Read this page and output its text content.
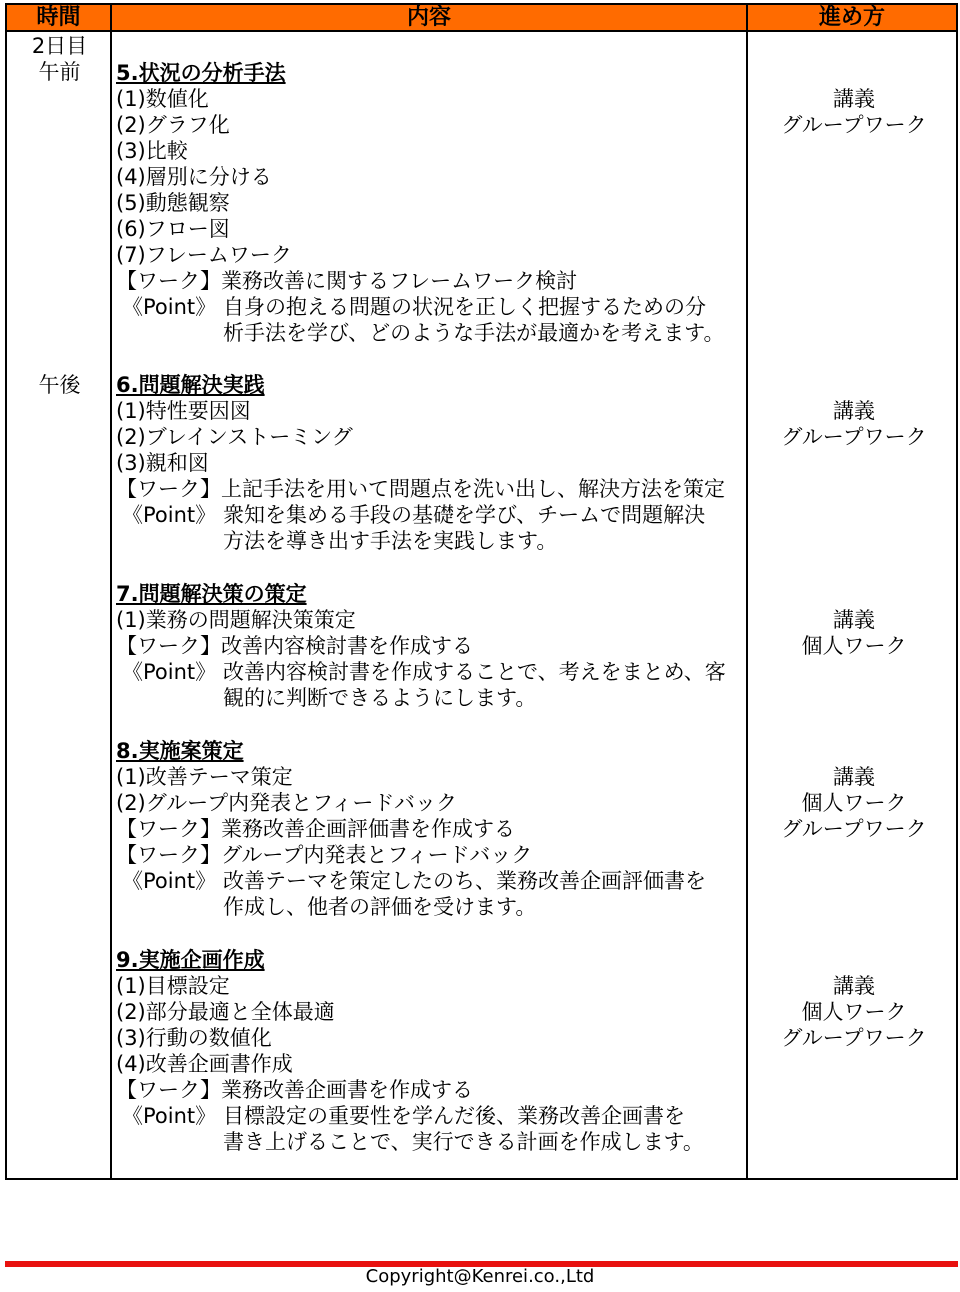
時間	内容	進め方
2日目
午前
午後
5.状況の分析手法
(1)数値化
(2)グラフ化
(3)比較
(4)層別に分ける
(5)動態観察
(6)フロー図
(7)フレームワーク
【ワーク】業務改善に関するフレームワーク検討
《Point》 自身の抱える問題の状況を正しく把握するための分
析手法を学び、どのような手法が最適かを考えます。
講義
グループワーク
6.問題解決実践
(1)特性要因図
(2)ブレインストーミング
(3)親和図
【ワーク】上記手法を用いて問題点を洗い出し、解決方法を策定
《Point》 衆知を集める手段の基礎を学び、チームで問題解決
方法を導き出す手法を実践します。
講義
グループワーク
7.問題解決策の策定
(1)業務の問題解決策策定
【ワーク】改善内容検討書を作成する
《Point》 改善内容検討書を作成することで、考えをまとめ、客
観的に判断できるようにします。
講義
個人ワーク
8.実施案策定
(1)改善テーマ策定
(2)グループ内発表とフィードバック
【ワーク】業務改善企画評価書を作成する
【ワーク】グループ内発表とフィードバック
《Point》 改善テーマを策定したのち、業務改善企画評価書を
作成し、他者の評価を受けます。
講義
個人ワーク
グループワーク
9.実施企画作成
(1)目標設定
(2)部分最適と全体最適
(3)行動の数値化
(4)改善企画書作成
【ワーク】業務改善企画書を作成する
《Point》 目標設定の重要性を学んだ後、業務改善企画書を
書き上げることで、実行できる計画を作成します。
講義
個人ワーク
グループワーク
Copyright@Kenrei.co.,Ltd
